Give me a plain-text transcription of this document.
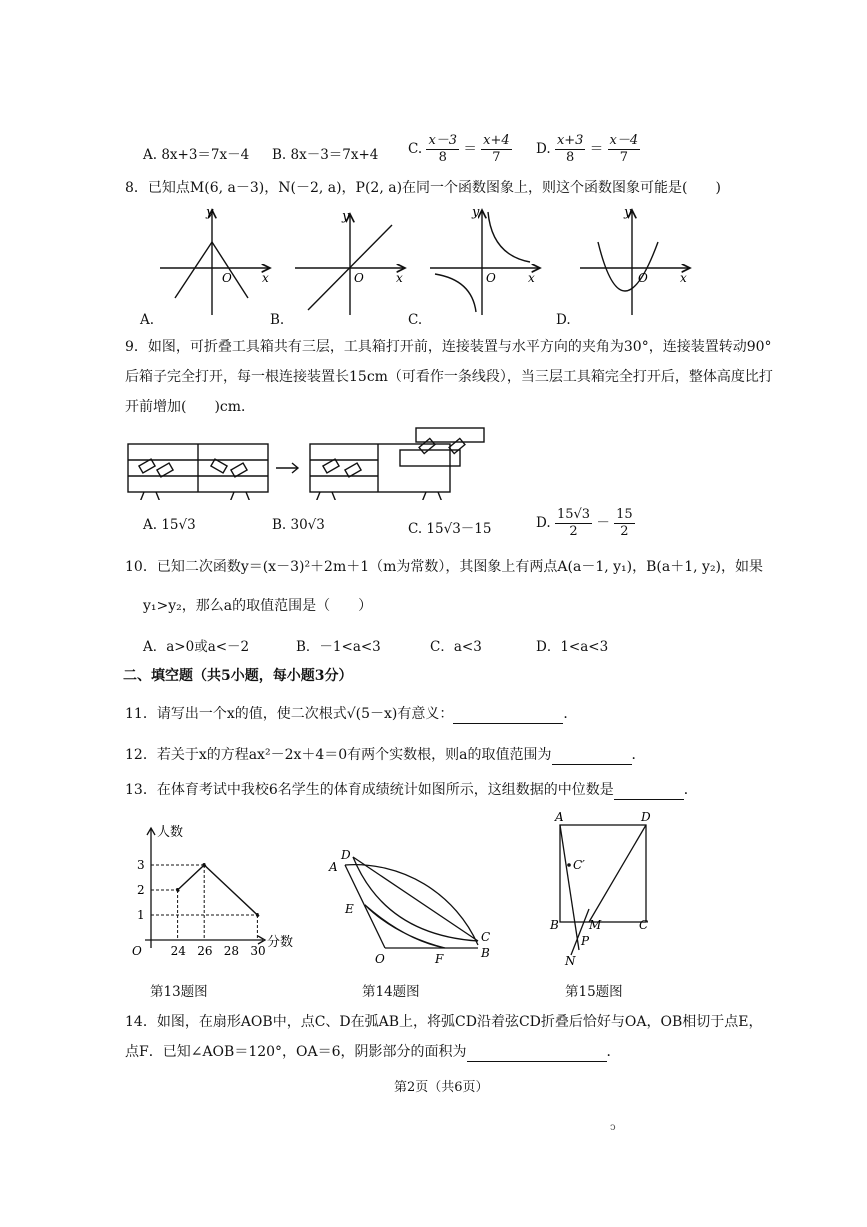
A. 8x+3＝7x－4 B. 8x－3＝7x+4 C. $\frac{x-3}{8} = \frac{x+4}{7} D$. $\frac{x+3}{8} = \frac{x-4}{7}$
8．已知点M(6, a－3)，N(－2, a)，P(2, a)在同一个函数图象上，则这个函数图象可能是(　　)
y
O	x
y
O	x
y
O	x
y
O	x
A.	B.	C.	D.
9．如图，可折叠工具箱共有三层，工具箱打开前，连接装置与水平方向的夹角为30°，连接装置转动90°
后箱子完全打开，每一根连接装置长15cm（可看作一条线段），当三层工具箱完全打开后，整体高度比打
开前增加(　　)cm．
A. 15√3	B. 30√3	C. 15√3－15	D. $\frac{15√3}{2} - \frac{15}{2}$
10．已知二次函数y＝(x－3)²＋2m＋1（m为常数），其图象上有两点A(a－1, y₁)，B(a＋1, y₂)，如果
y₁>y₂，那么a的取值范围是（　　）
A．a>0或a<－2	B．－1<a<3	C．a<3	D．1<a<3
二、填空题（共5小题，每小题3分）
11．请写出一个x的值，使二次根式√(5－x)有意义：	．
12．若关于x的方程ax²－2x＋4＝0有两个实数根，则a的取值范围为	．
13．在体育考试中我校6名学生的体育成绩统计如图所示，这组数据的中位数是	．
24 26 28 30
1
2
3
人数
分数
O
第13题图
D
A
E
O	F
C
B
第14题图
A	D
C′
B	M	C
P
N
第15题图
14．如图，在扇形AOB中，点C、D在弧AB上，将弧CD沿着弦CD折叠后恰好与OA，OB相切于点E，
点F．已知∠AOB＝120°，OA＝6，阴影部分的面积为	．
第2页（共6页）
ↄ
